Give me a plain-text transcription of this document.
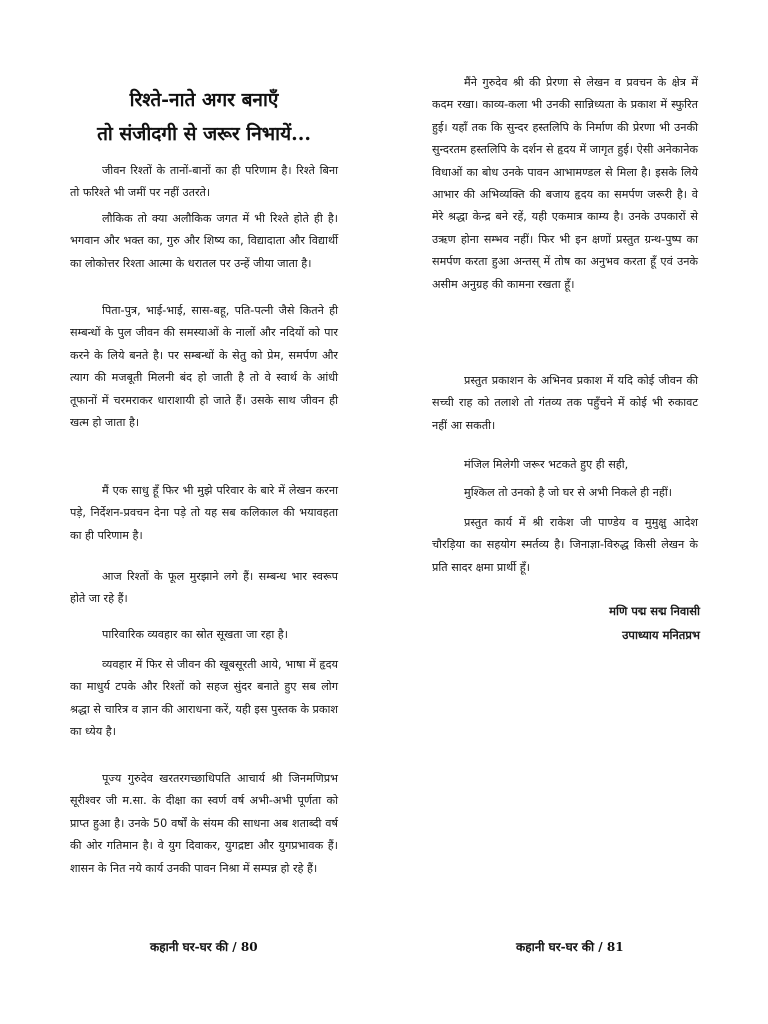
रिश्ते-नाते अगर बनाएँ
तो संजीदगी से जरूर निभायें...

जीवन रिश्तों के तानों-बानों का ही परिणाम है। रिश्ते बिना तो फरिश्ते भी जमीं पर नहीं उतरते।

लौकिक तो क्या अलौकिक जगत में भी रिश्ते होते ही है। भगवान और भक्त का, गुरु और शिष्य का, विद्यादाता और विद्यार्थी का लोकोत्तर रिश्ता आत्मा के धरातल पर उन्हें जीया जाता है।

पिता-पुत्र, भाई-भाई, सास-बहू, पति-पत्नी जैसे कितने ही सम्बन्धों के पुल जीवन की समस्याओं के नालों और नदियों को पार करने के लिये बनते है। पर सम्बन्धों के सेतु को प्रेम, समर्पण और त्याग की मजबूती मिलनी बंद हो जाती है तो वे स्वार्थ के आंधी तूफानों में चरमराकर धाराशायी हो जाते हैं। उसके साथ जीवन ही खत्म हो जाता है।

मैं एक साधु हूँ फिर भी मुझे परिवार के बारे में लेखन करना पड़े, निर्देशन-प्रवचन देना पड़े तो यह सब कलिकाल की भयावहता का ही परिणाम है।

आज रिश्तों के फूल मुरझाने लगे हैं। सम्बन्ध भार स्वरूप होते जा रहे हैं।

पारिवारिक व्यवहार का स्रोत सूखता जा रहा है।

व्यवहार में फिर से जीवन की खूबसूरती आये, भाषा में हृदय का माधुर्य टपके और रिश्तों को सहज सुंदर बनाते हुए सब लोग श्रद्धा से चारित्र व ज्ञान की आराधना करें, यही इस पुस्तक के प्रकाश का ध्येय है।

पूज्य गुरुदेव खरतरगच्छाधिपति आचार्य श्री जिनमणिप्रभ सूरीश्वर जी म.सा. के दीक्षा का स्वर्ण वर्ष अभी-अभी पूर्णता को प्राप्त हुआ है। उनके 50 वर्षों के संयम की साधना अब शताब्दी वर्ष की ओर गतिमान है। वे युग दिवाकर, युगद्रष्टा और युगप्रभावक हैं। शासन के नित नये कार्य उनकी पावन निश्रा में सम्पन्न हो रहे हैं।

कहानी घर-घर की / 80

मैंने गुरुदेव श्री की प्रेरणा से लेखन व प्रवचन के क्षेत्र में कदम रखा। काव्य-कला भी उनकी सान्निध्यता के प्रकाश में स्फुरित हुई। यहाँ तक कि सुन्दर हस्तलिपि के निर्माण की प्रेरणा भी उनकी सुन्दरतम हस्तलिपि के दर्शन से हृदय में जागृत हुई। ऐसी अनेकानेक विधाओं का बोध उनके पावन आभामण्डल से मिला है। इसके लिये आभार की अभिव्यक्ति की बजाय हृदय का समर्पण जरूरी है। वे मेरे श्रद्धा केन्द्र बने रहें, यही एकमात्र काम्य है। उनके उपकारों से उऋण होना सम्भव नहीं। फिर भी इन क्षणों प्रस्तुत ग्रन्थ-पुष्प का समर्पण करता हुआ अन्तस् में तोष का अनुभव करता हूँ एवं उनके असीम अनुग्रह की कामना रखता हूँ।

प्रस्तुत प्रकाशन के अभिनव प्रकाश में यदि कोई जीवन की सच्ची राह को तलाशे तो गंतव्य तक पहुँचने में कोई भी रुकावट नहीं आ सकती।

मंजिल मिलेगी जरूर भटकते हुए ही सही,

मुश्किल तो उनको है जो घर से अभी निकले ही नहीं।

प्रस्तुत कार्य में श्री राकेश जी पाण्डेय व मुमुक्षु आदेश चौरड़िया का सहयोग स्मर्तव्य है। जिनाज्ञा-विरुद्ध किसी लेखन के प्रति सादर क्षमा प्रार्थी हूँ।

मणि पद्म सद्म निवासी
उपाध्याय मनितप्रभ
कहानी घर-घर की / 81
